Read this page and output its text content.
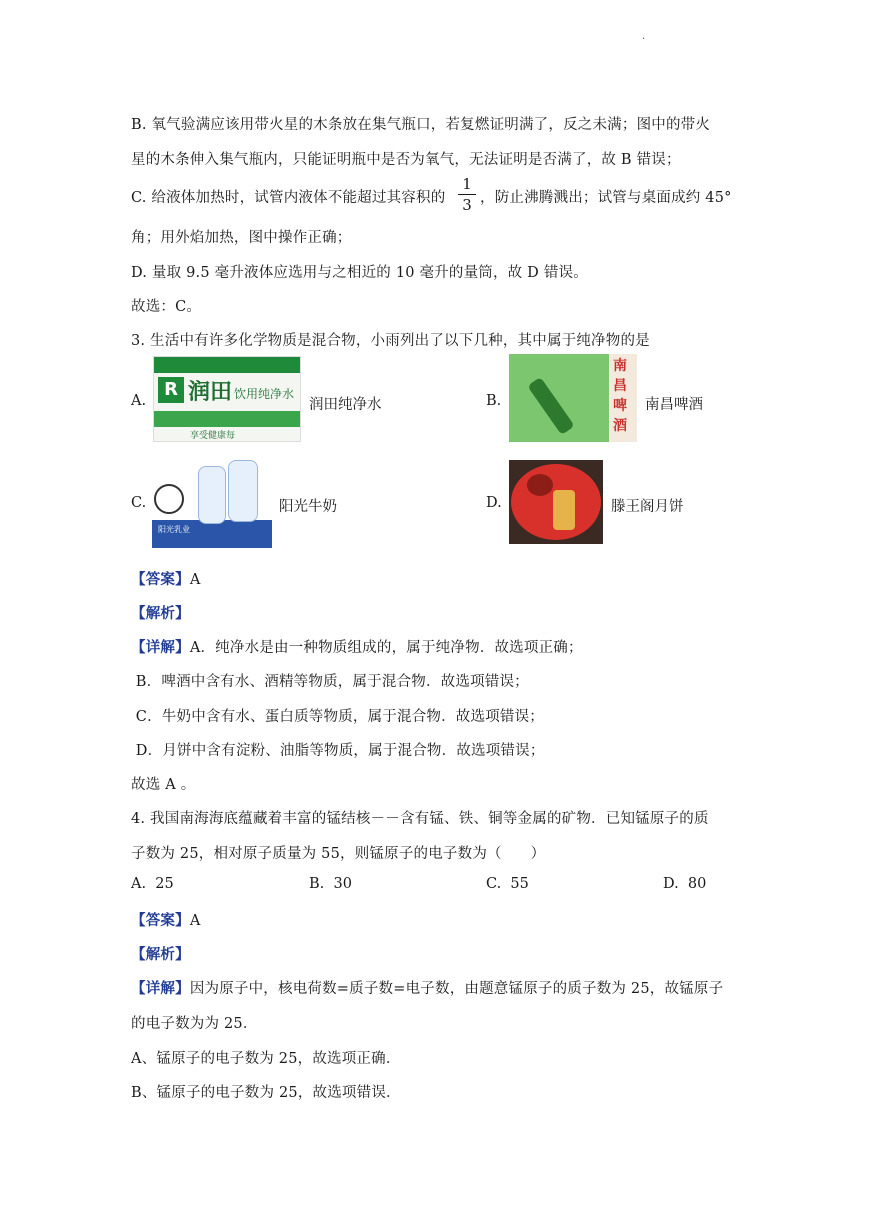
·
B. 氧气验满应该用带火星的木条放在集气瓶口，若复燃证明满了，反之未满；图中的带火
星的木条伸入集气瓶内，只能证明瓶中是否为氧气，无法证明是否满了，故 B 错误；
C. 给液体加热时，试管内液体不能超过其容积的 $\frac{1}{3}$ ，防止沸腾溅出；试管与桌面成约 45°
角；用外焰加热，图中操作正确；
D. 量取 9.5 毫升液体应选用与之相近的 10 毫升的量筒，故 D 错误。
故选：C。
3. 生活中有许多化学物质是混合物，小雨列出了以下几种，其中属于纯净物的是
A.
R 润田 饮用纯净水
享受健康每
润田纯净水	B.
南
昌
啤
酒
南昌啤酒
C.
阳光乳业
阳光牛奶	D.	滕王阁月饼
【答案】A
【解析】
【详解】A．纯净水是由一种物质组成的，属于纯净物．故选项正确；
B．啤酒中含有水、酒精等物质，属于混合物．故选项错误；
C．牛奶中含有水、蛋白质等物质，属于混合物．故选项错误；
D．月饼中含有淀粉、油脂等物质，属于混合物．故选项错误；
故选 A 。
4. 我国南海海底蕴藏着丰富的锰结核－－含有锰、铁、铜等金属的矿物．已知锰原子的质
子数为 25，相对原子质量为 55，则锰原子的电子数为（      ）
A.  25	B.  30	C.  55	D.  80
【答案】A
【解析】
【详解】因为原子中，核电荷数=质子数=电子数，由题意锰原子的质子数为 25，故锰原子
的电子数为为 25．
A、锰原子的电子数为 25，故选项正确．
B、锰原子的电子数为 25，故选项错误．
